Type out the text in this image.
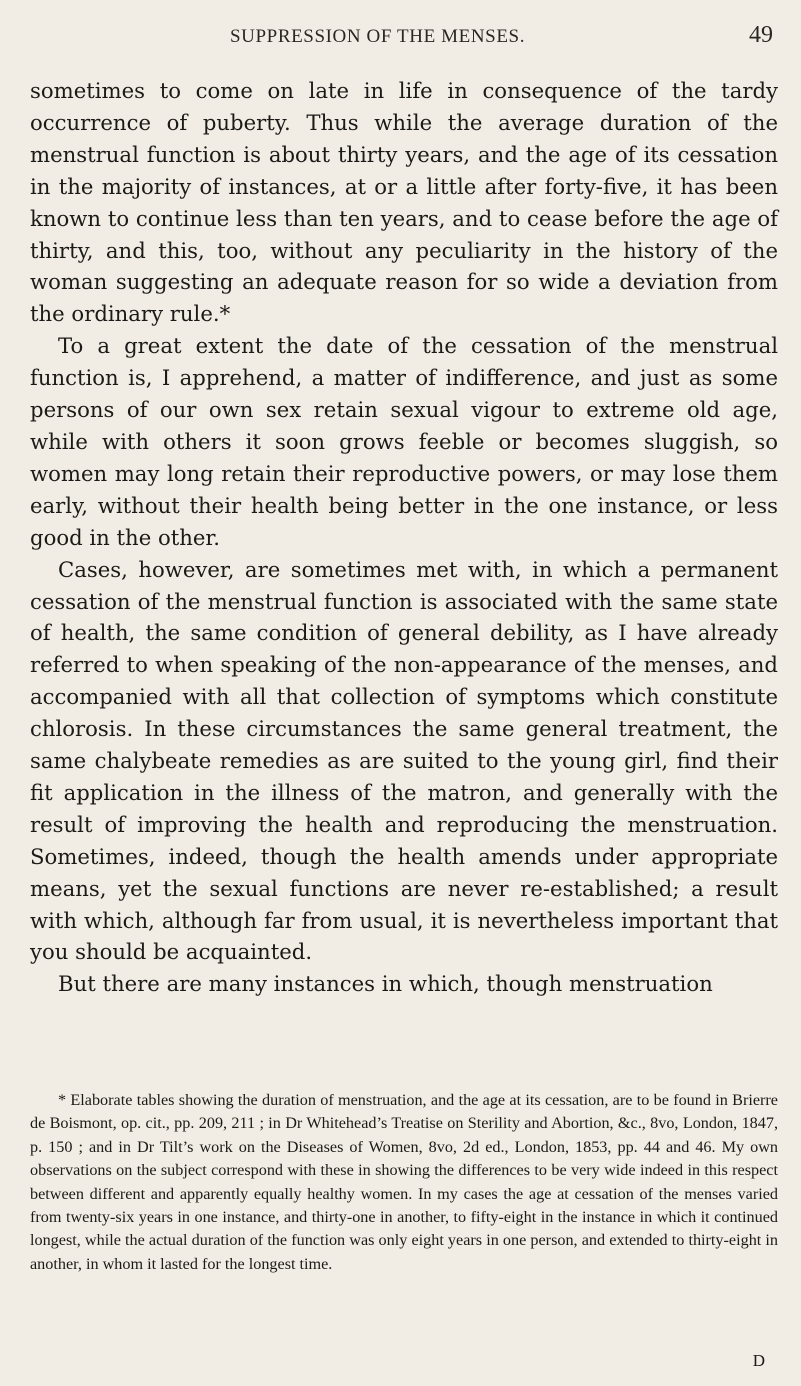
SUPPRESSION OF THE MENSES.	49

sometimes to come on late in life in consequence of the tardy occurrence of puberty. Thus while the average duration of the menstrual function is about thirty years, and the age of its cessation in the majority of instances, at or a little after forty-five, it has been known to continue less than ten years, and to cease before the age of thirty, and this, too, without any peculiarity in the history of the woman suggesting an adequate reason for so wide a deviation from the ordinary rule.*

To a great extent the date of the cessation of the menstrual function is, I apprehend, a matter of indifference, and just as some persons of our own sex retain sexual vigour to extreme old age, while with others it soon grows feeble or becomes sluggish, so women may long retain their reproductive powers, or may lose them early, without their health being better in the one instance, or less good in the other.

Cases, however, are sometimes met with, in which a permanent cessation of the menstrual function is associated with the same state of health, the same condition of general debility, as I have already referred to when speaking of the non-appearance of the menses, and accompanied with all that collection of symptoms which constitute chlorosis. In these circumstances the same general treatment, the same chalybeate remedies as are suited to the young girl, find their fit application in the illness of the matron, and generally with the result of improving the health and reproducing the menstruation. Sometimes, indeed, though the health amends under appropriate means, yet the sexual functions are never re-established; a result with which, although far from usual, it is nevertheless important that you should be acquainted.

But there are many instances in which, though menstruation

* Elaborate tables showing the duration of menstruation, and the age at its cessation, are to be found in Brierre de Boismont, op. cit., pp. 209, 211 ; in Dr Whitehead’s Treatise on Sterility and Abortion, &c., 8vo, London, 1847, p. 150 ; and in Dr Tilt’s work on the Diseases of Women, 8vo, 2d ed., London, 1853, pp. 44 and 46. My own observations on the subject correspond with these in showing the differences to be very wide indeed in this respect between different and apparently equally healthy women. In my cases the age at cessation of the menses varied from twenty-six years in one instance, and thirty-one in another, to fifty-eight in the instance in which it continued longest, while the actual duration of the function was only eight years in one person, and extended to thirty-eight in another, in whom it lasted for the longest time.
D
